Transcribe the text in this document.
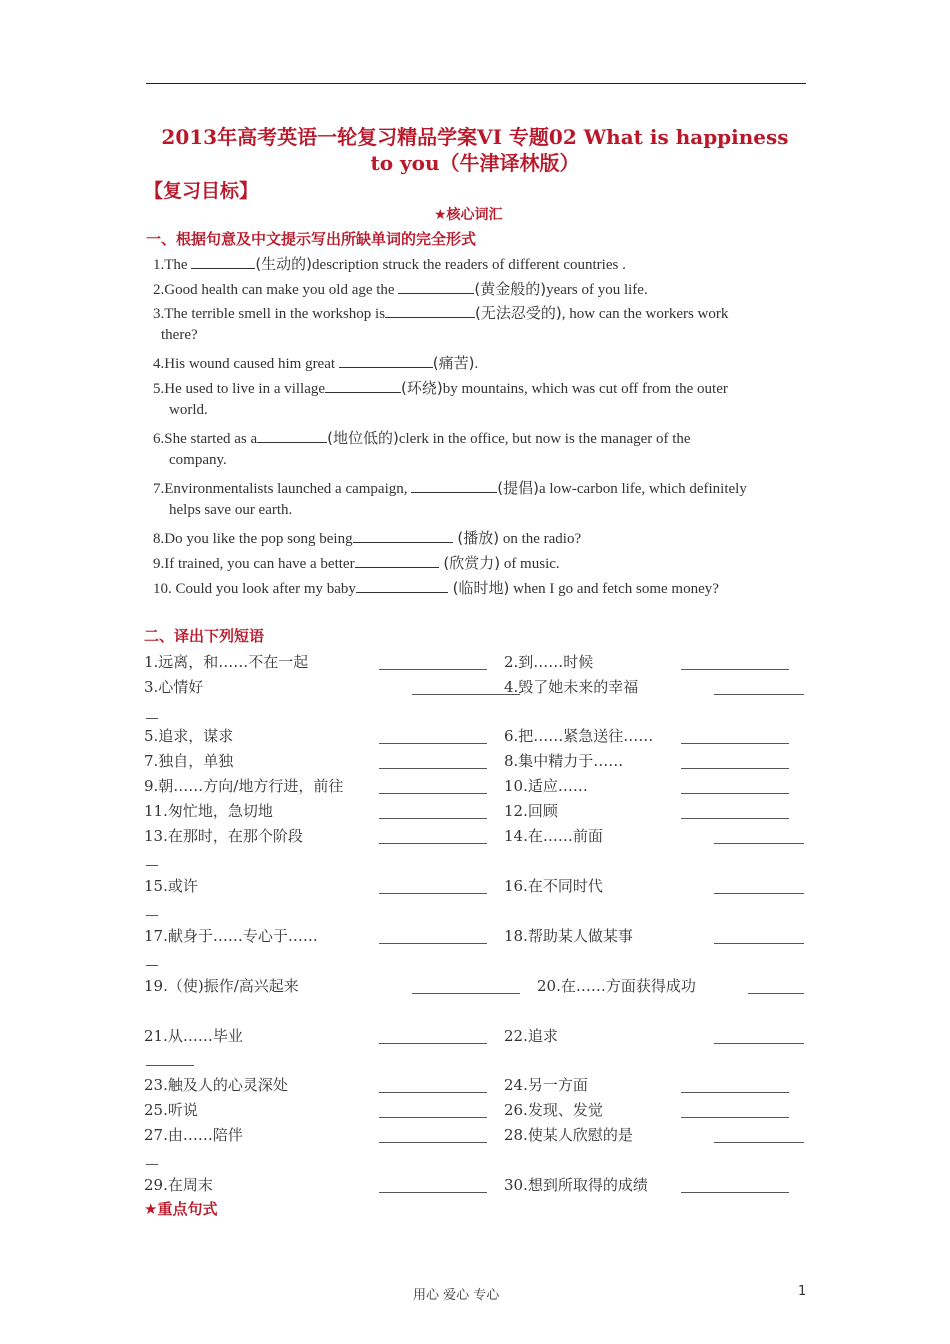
2013年高考英语一轮复习精品学案VI 专题02 What is happiness
to you（牛津译林版）
【复习目标】
★核心词汇
一、根据句意及中文提示写出所缺单词的完全形式
1.The	(生动的)description struck the readers of different countries .
2.Good health can make you old age the	(黄金般的)years of you life.
3.The terrible smell in the workshop is	(无法忍受的), how can the workers work
there?
4.His wound caused him great	(痛苦).
5.He used to live in a village	(环绕)by mountains, which was cut off from the outer
world.
6.She started as a	(地位低的)clerk in the office, but now is the manager of the
company.
7.Environmentalists launched a campaign,	(提倡)a low-carbon life, which definitely
helps save our earth.
8.Do you like the pop song being	(播放) on the radio?
9.If trained, you can have a better	(欣赏力) of music.
10. Could you look after my baby	(临时地) when I go and fetch some money?
二、译出下列短语
1.远离，和……不在一起	2.到……时候
3.心情好	4.毁了她未来的幸福
5.追求，谋求	6.把……紧急送往……
7.独自，单独	8.集中精力于……
9.朝……方向/地方行进，前往	10.适应……
11.匆忙地，急切地	12.回顾
13.在那时，在那个阶段	14.在……前面
15.或许	16.在不同时代
17.献身于……专心于……	18.帮助某人做某事
19.（使)振作/高兴起来	20.在……方面获得成功
21.从……毕业	22.追求
23.触及人的心灵深处	24.另一方面
25.听说	26.发现、发觉
27.由……陪伴	28.使某人欣慰的是
29.在周末	30.想到所取得的成绩
★重点句式
用心 爱心 专心	1
